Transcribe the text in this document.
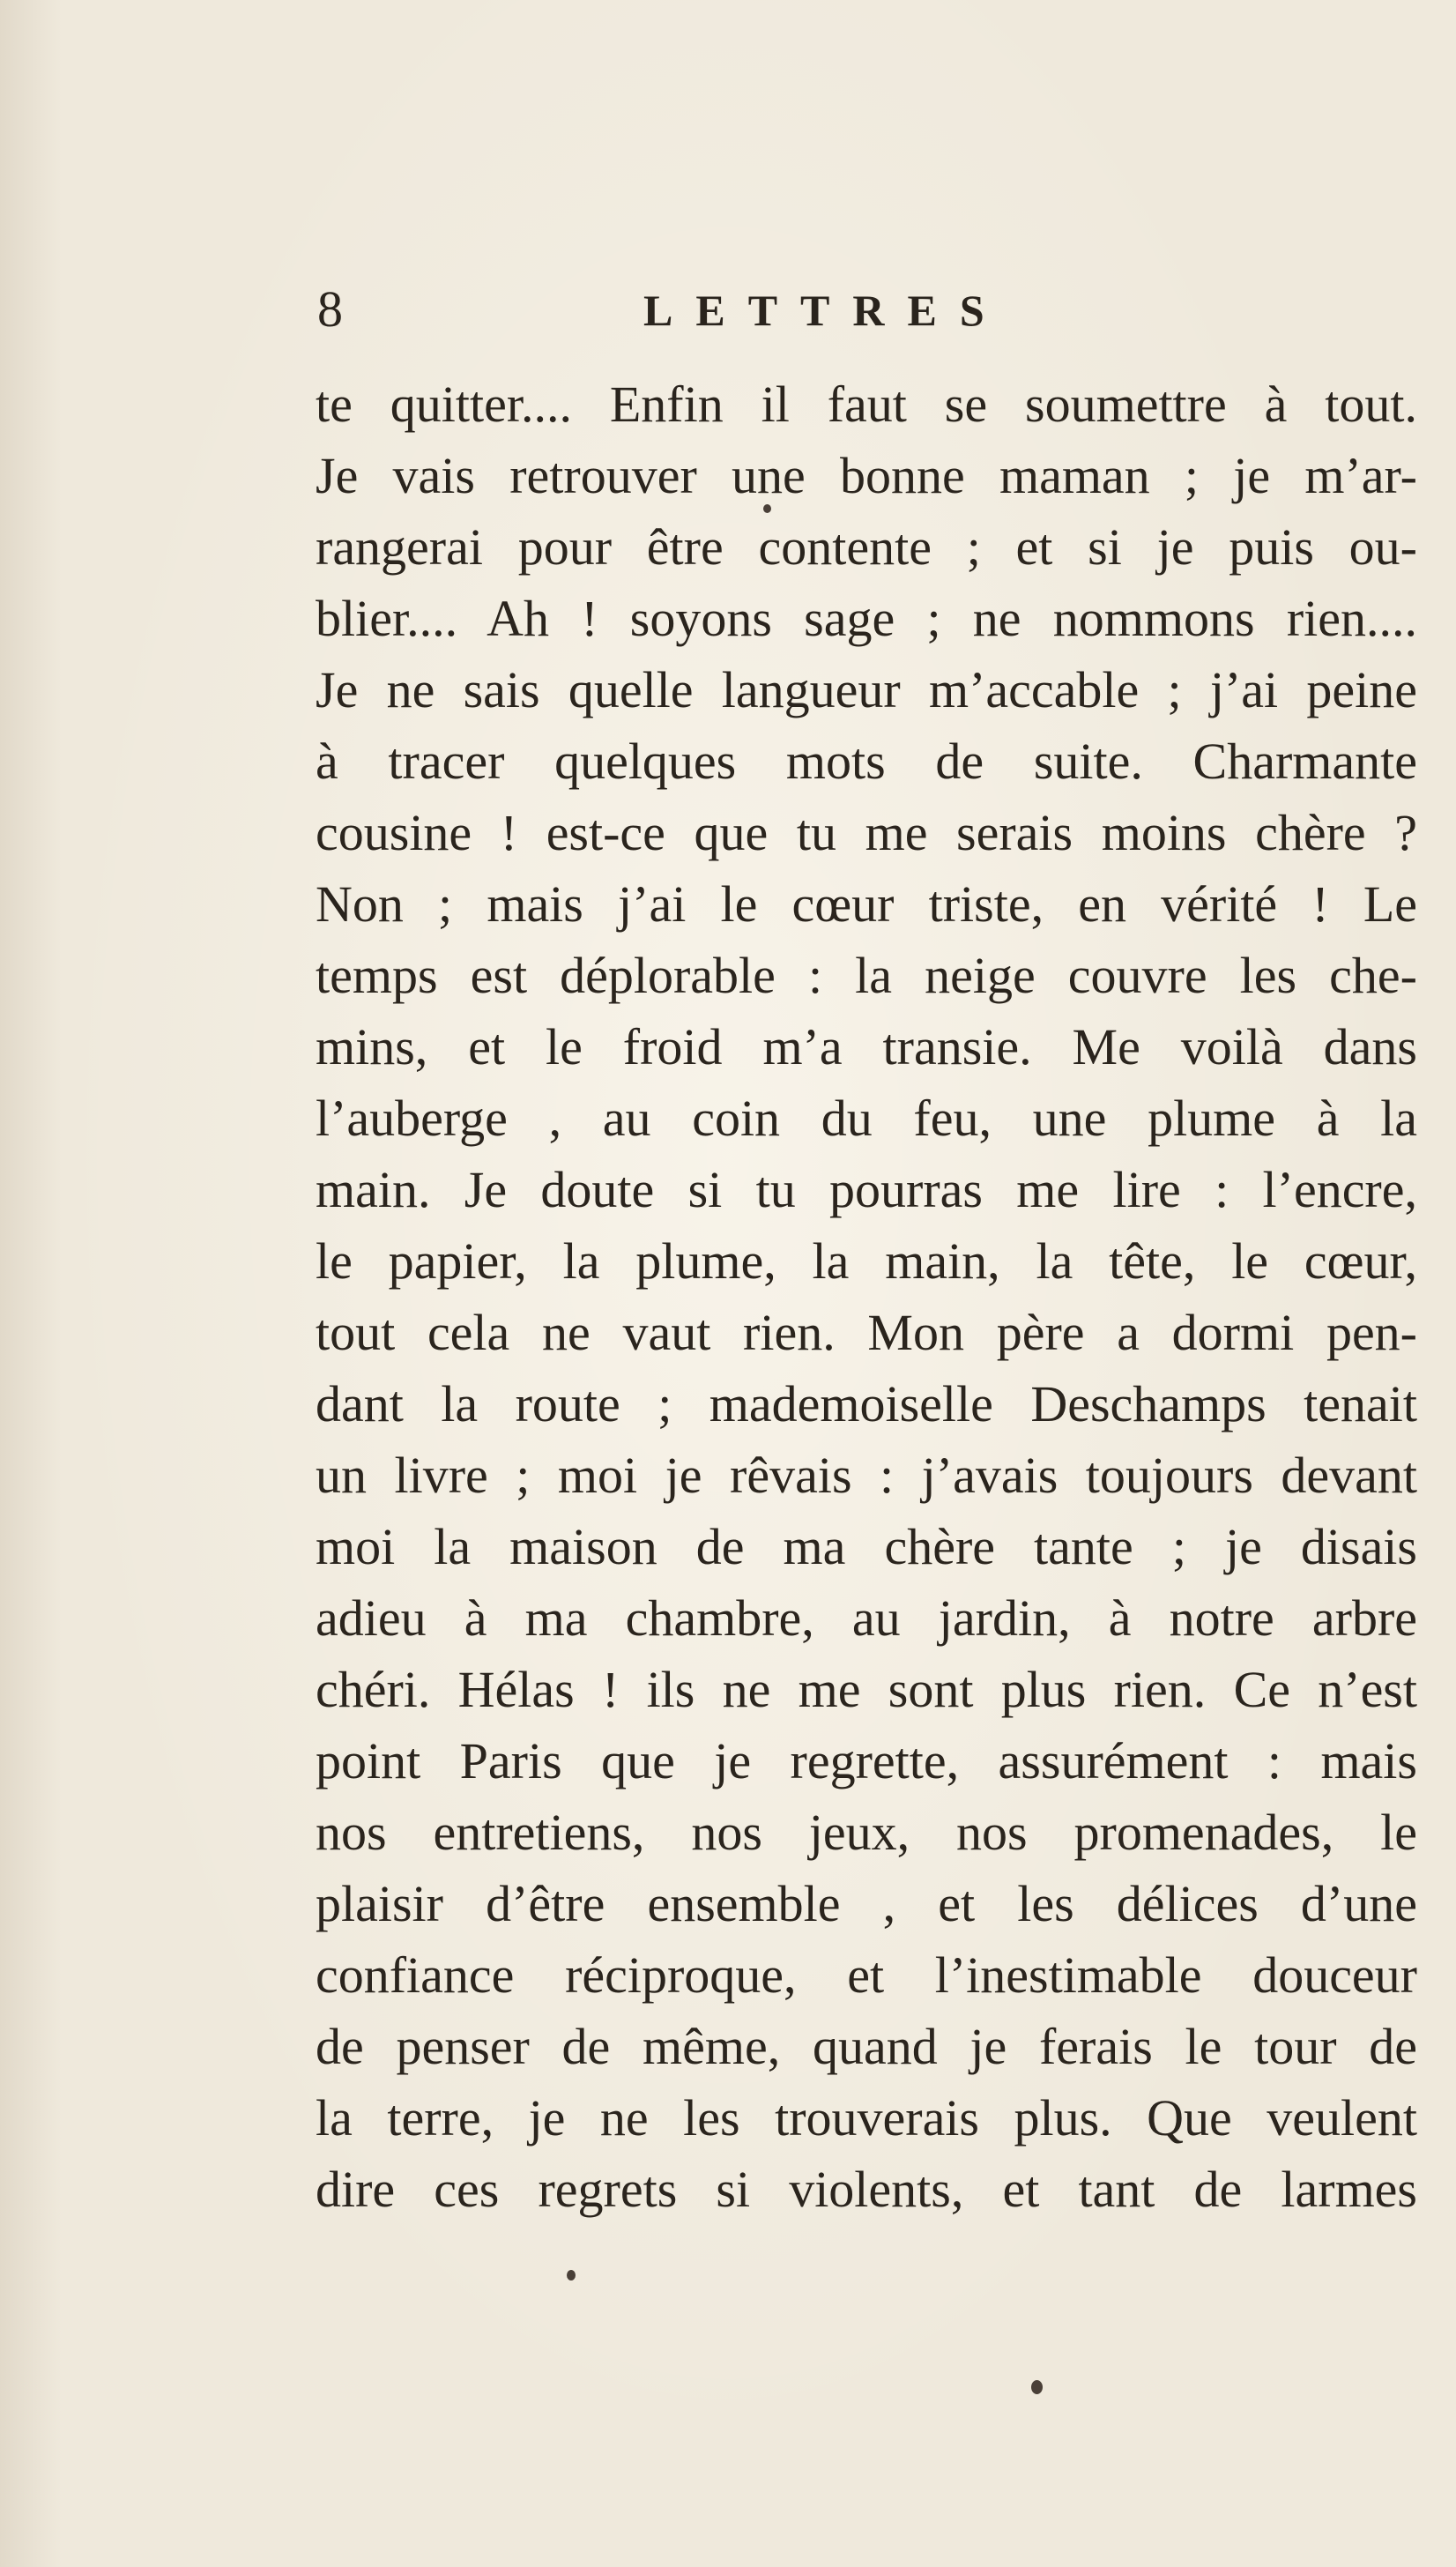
8	LETTRES
te quitter.... Enfin il faut se soumettre à tout.
Je vais retrouver une bonne maman ; je m’ar-
rangerai pour être contente ; et si je puis ou-
blier.... Ah ! soyons sage ; ne nommons rien....
Je ne sais quelle langueur m’accable ; j’ai peine
à tracer quelques mots de suite. Charmante
cousine ! est-ce que tu me serais moins chère ?
Non ; mais j’ai le cœur triste, en vérité ! Le
temps est déplorable : la neige couvre les che-
mins, et le froid m’a transie. Me voilà dans
l’auberge , au coin du feu, une plume à la
main. Je doute si tu pourras me lire : l’encre,
le papier, la plume, la main, la tête, le cœur,
tout cela ne vaut rien. Mon père a dormi pen-
dant la route ; mademoiselle Deschamps tenait
un livre ; moi je rêvais : j’avais toujours devant
moi la maison de ma chère tante ; je disais
adieu à ma chambre, au jardin, à notre arbre
chéri. Hélas ! ils ne me sont plus rien. Ce n’est
point Paris que je regrette, assurément : mais
nos entretiens, nos jeux, nos promenades, le
plaisir d’être ensemble , et les délices d’une
confiance réciproque, et l’inestimable douceur
de penser de même, quand je ferais le tour de
la terre, je ne les trouverais plus. Que veulent
dire ces regrets si violents, et tant de larmes
